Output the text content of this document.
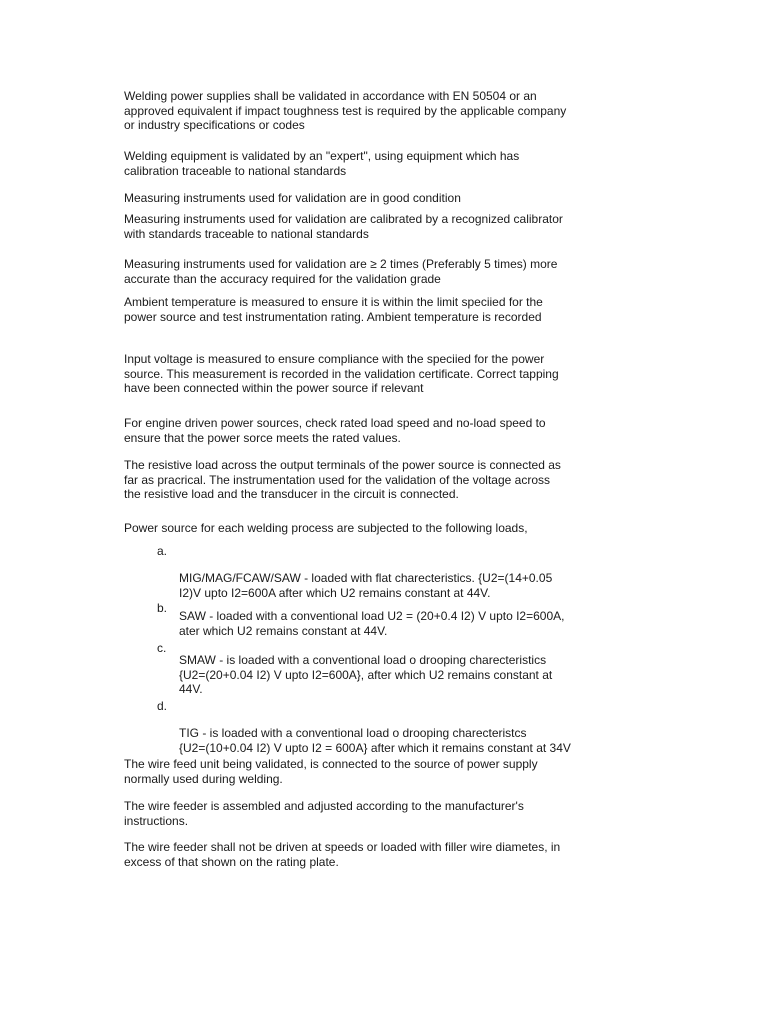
Welding power supplies shall be validated in accordance with EN 50504 or an
approved equivalent if impact toughness test is required by the applicable company
or industry specifications or codes

Welding equipment is validated by an "expert", using equipment which has
calibration traceable to national standards

Measuring instruments used for validation are in good condition

Measuring instruments used for validation are calibrated by a recognized calibrator
with standards traceable to national standards

Measuring instruments used for validation are ≥ 2 times (Preferably 5 times) more
accurate than the accuracy required for the validation grade

Ambient temperature is measured to ensure it is within the limit speciied for the
power source and test instrumentation rating. Ambient temperature is recorded

Input voltage is measured to ensure compliance with the speciied for the power
source. This measurement is recorded in the validation certificate. Correct tapping
have been connected within the power source if relevant

For engine driven power sources, check rated load speed and no-load speed to
ensure that the power sorce meets the rated values.

The resistive load across the output terminals of the power source is connected as
far as pracrical. The instrumentation used for the validation of the voltage across
the resistive load and the transducer in the circuit is connected.

Power source for each welding process are subjected to the following loads,

a.
b.
c.
d.
MIG/MAG/FCAW/SAW - loaded with flat charecteristics. {U2=(14+0.05
I2)V upto I2=600A after which U2 remains constant at 44V.
SAW - loaded with a conventional load U2 = (20+0.4 I2) V upto I2=600A,
ater which U2 remains constant at 44V.
SMAW - is loaded with a conventional load o drooping charecteristics
{U2=(20+0.04 I2) V upto I2=600A}, after which U2 remains constant at
44V.
TIG - is loaded with a conventional load o drooping charecteristcs
{U2=(10+0.04 I2) V upto I2 = 600A} after which it remains constant at 34V

The wire feed unit being validated, is connected to the source of power supply
normally used during welding.

The wire feeder is assembled and adjusted according to the manufacturer's
instructions.

The wire feeder shall not be driven at speeds or loaded with filler wire diametes, in
excess of that shown on the rating plate.
